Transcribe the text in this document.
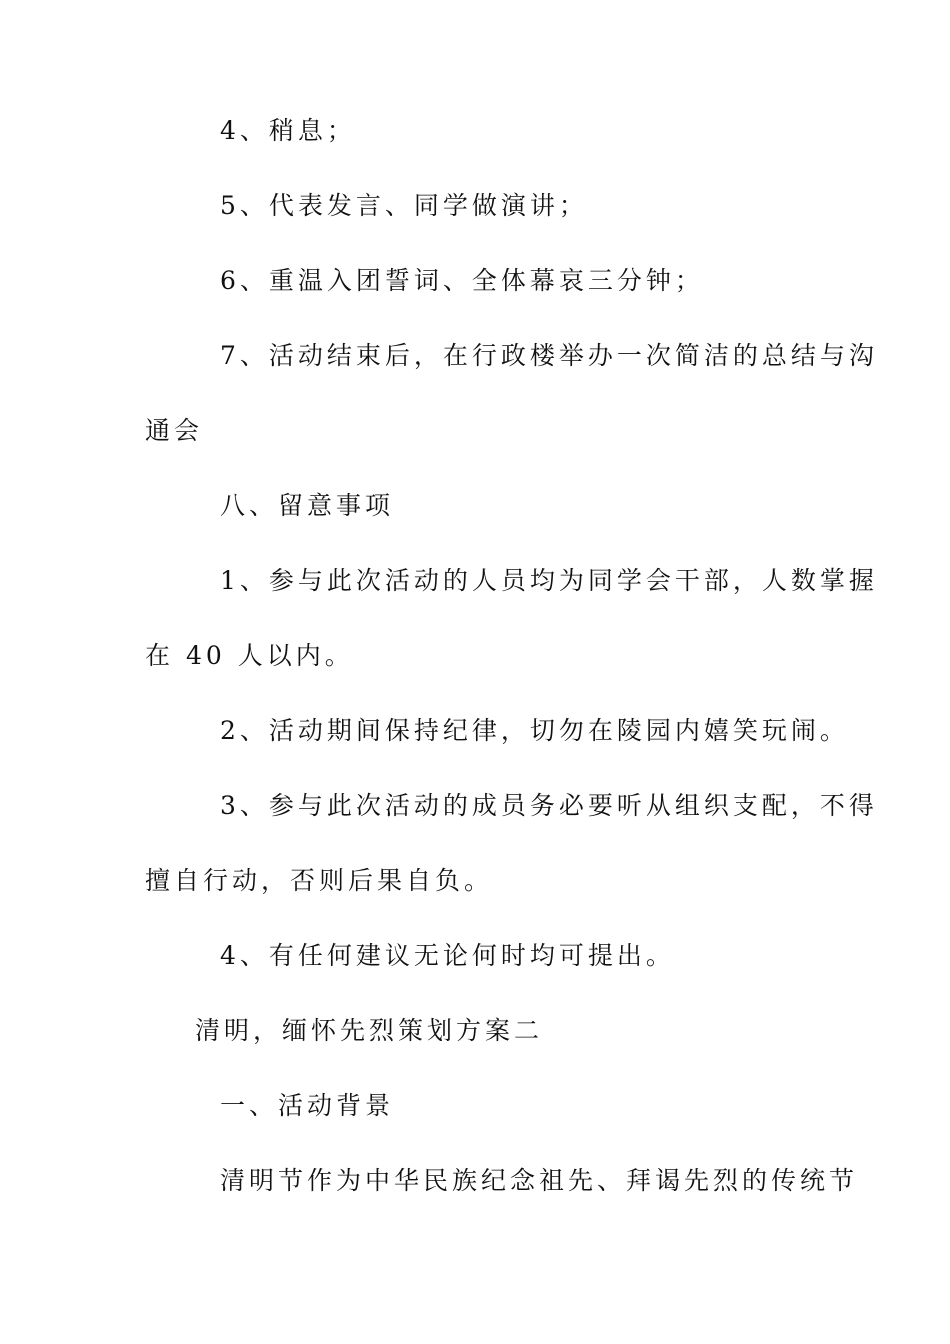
4、稍息；
5、代表发言、同学做演讲；
6、重温入团誓词、全体幕哀三分钟；
7、活动结束后，在行政楼举办一次简洁的总结与沟
通会
八、留意事项
1、参与此次活动的人员均为同学会干部，人数掌握
在 40 人以内。
2、活动期间保持纪律，切勿在陵园内嬉笑玩闹。
3、参与此次活动的成员务必要听从组织支配，不得
擅自行动，否则后果自负。
4、有任何建议无论何时均可提出。
清明，缅怀先烈策划方案二
一、活动背景
清明节作为中华民族纪念祖先、拜谒先烈的传统节
